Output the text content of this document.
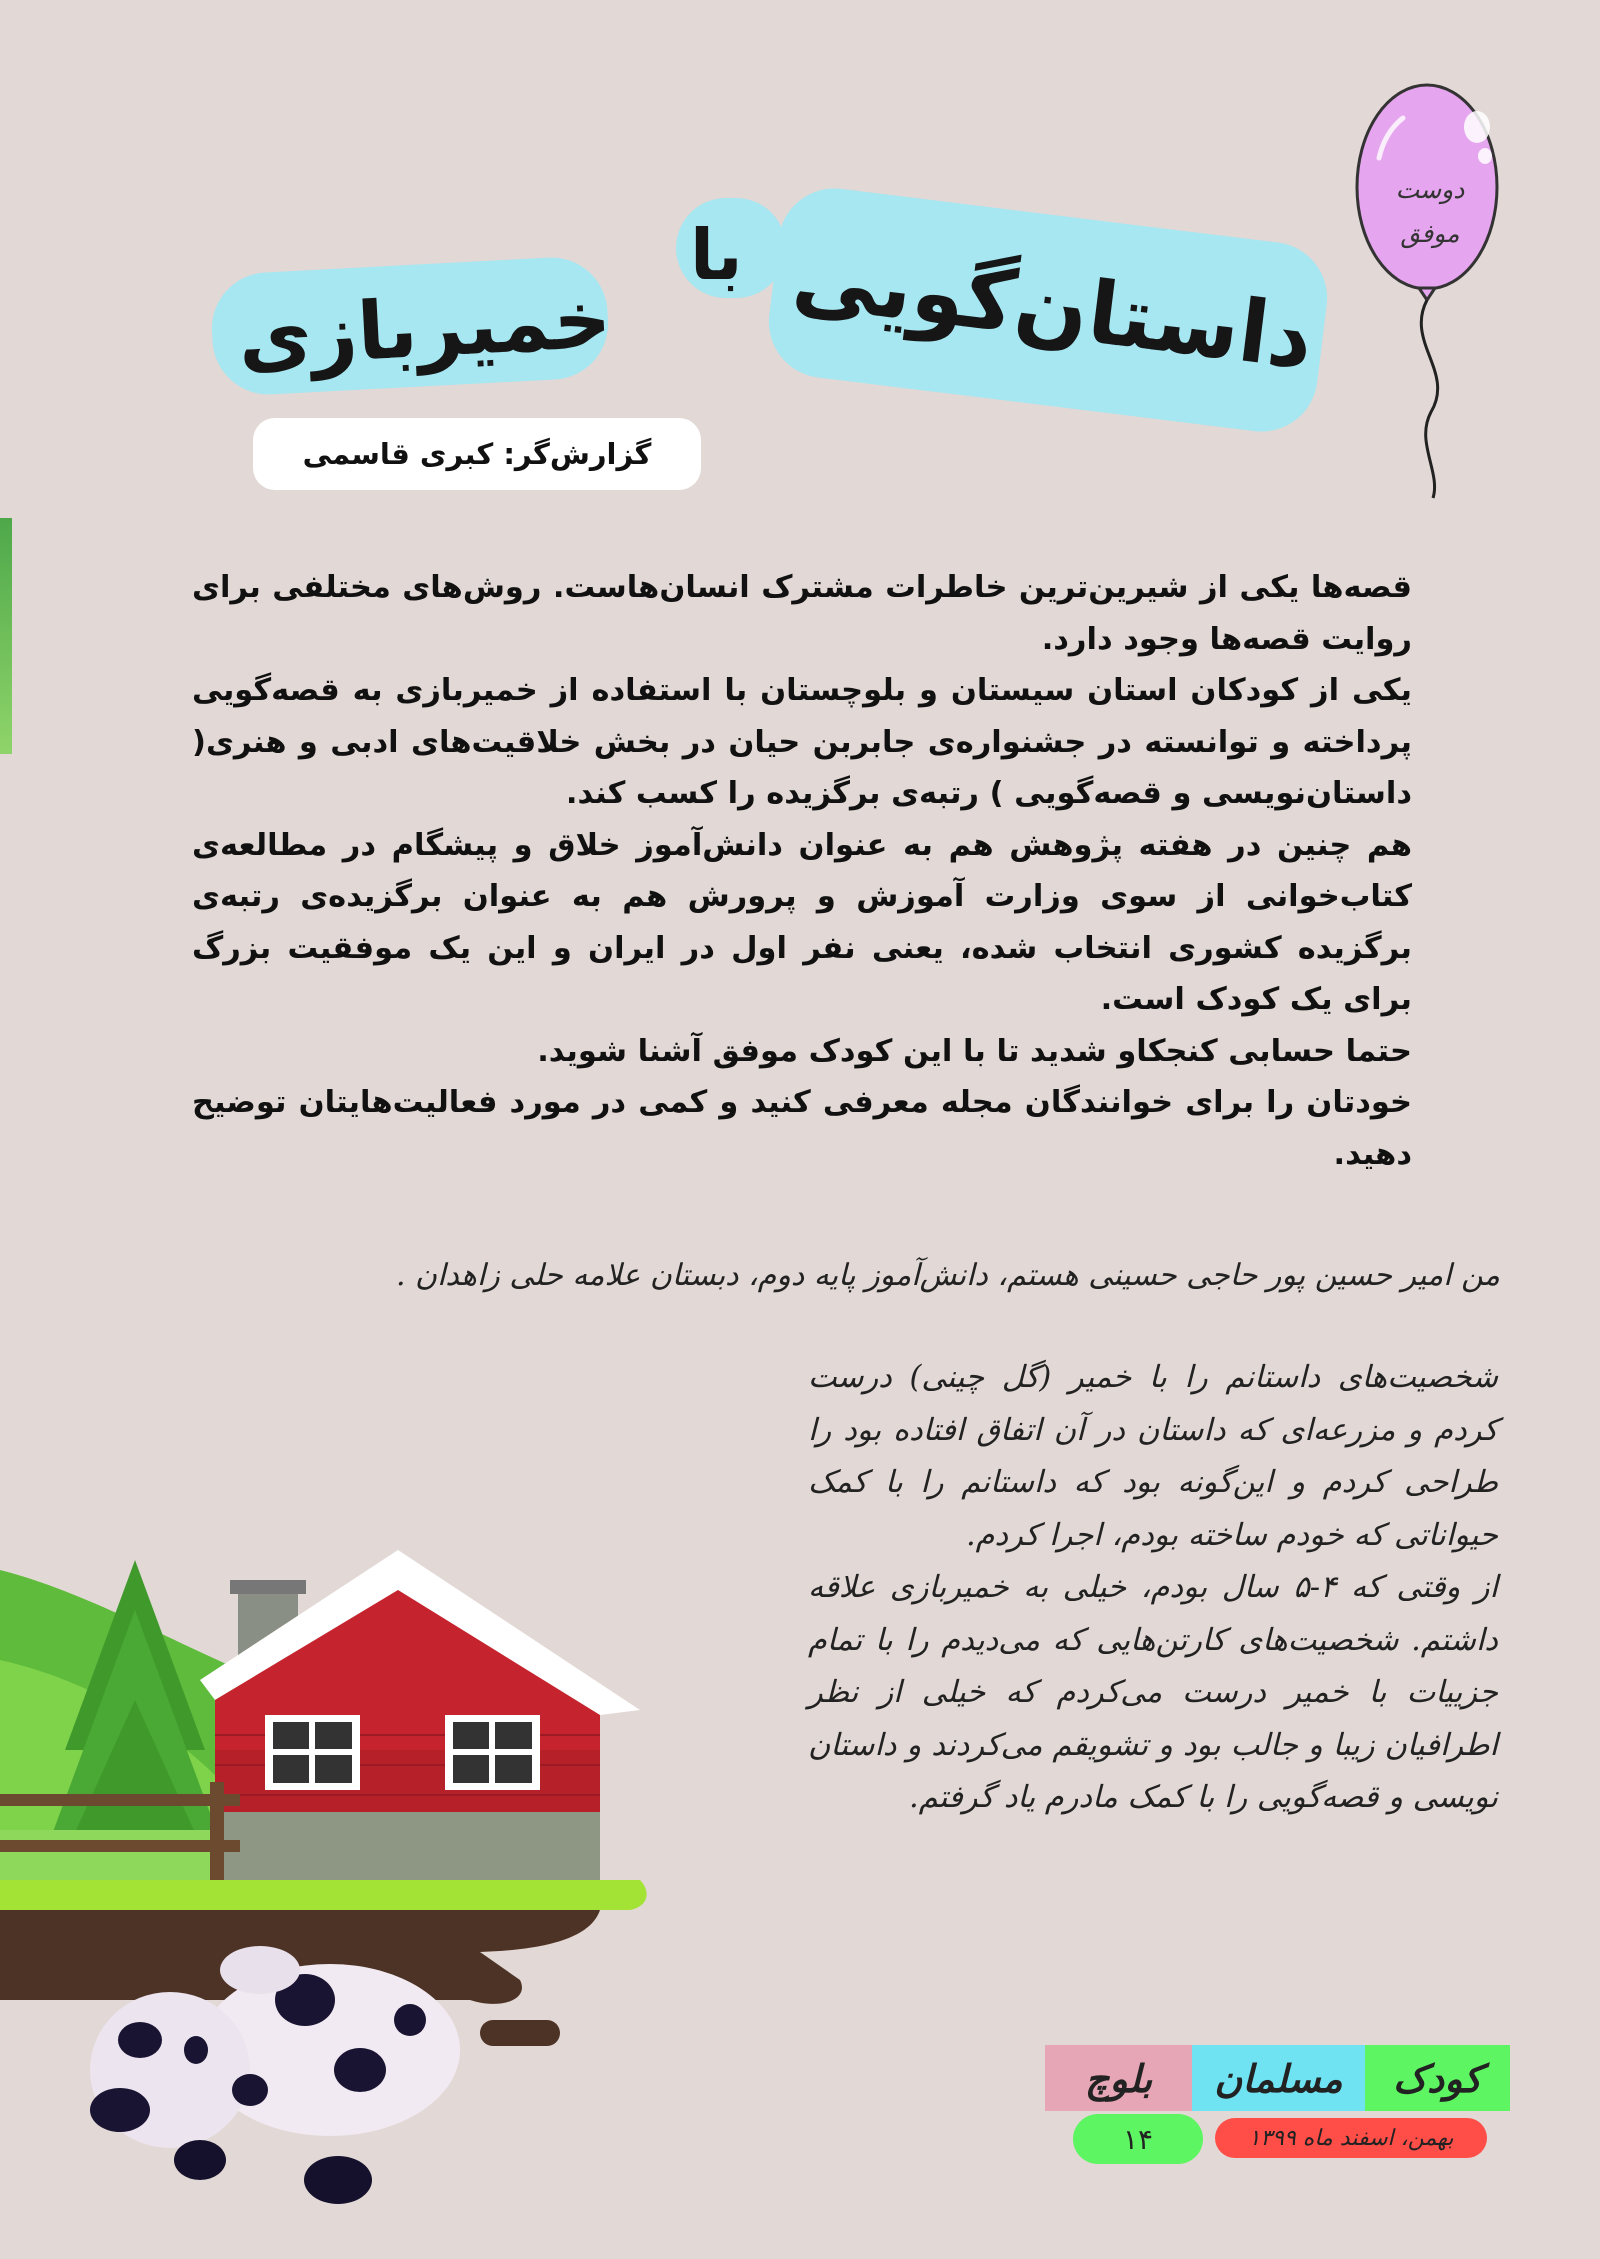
دوست
موفق
داستان‌گویی
با
خمیربازی
گزارش‌گر: کبری قاسمی

قصه‌ها یکی از شیرین‌ترین خاطرات مشترک انسان‌هاست. روش‌های مختلفی برای روایت قصه‌ها وجود دارد.

یکی از کودکان استان سیستان و بلوچستان با استفاده از خمیربازی به قصه‌گویی پرداخته و توانسته در جشنواره‌ی جابربن حیان در بخش خلاقیت‌های ادبی و هنری( داستان‌نویسی و قصه‌گویی ) رتبه‌ی برگزیده را کسب کند.

هم چنین در هفته پژوهش هم به عنوان دانش‌آموز خلاق و پیشگام در مطالعه‌ی کتاب‌خوانی از سوی وزارت آموزش و پرورش هم به عنوان برگزیده‌ی رتبه‌ی برگزیده کشوری انتخاب شده، یعنی نفر اول در ایران و این یک موفقیت بزرگ برای یک کودک است.

حتما حسابی کنجکاو شدید تا با این کودک موفق آشنا شوید.

خودتان را برای خوانندگان مجله معرفی کنید و کمی در مورد فعالیت‌هایتان توضیح دهید.

من امیر حسین پور حاجی حسینی هستم، دانش‌آموز پایه دوم، دبستان علامه حلی زاهدان .

شخصیت‌های داستانم را با خمیر (گل چینی) درست کردم و مزرعه‌ای که داستان در آن اتفاق افتاده بود را طراحی کردم و این‌گونه بود که داستانم را با کمک حیواناتی که خودم ساخته بودم، اجرا کردم.

از وقتی که ۴-۵ سال بودم، خیلی به خمیربازی علاقه داشتم. شخصیت‌های کارتن‌هایی که می‌دیدم را با تمام جزییات با خمیر درست می‌کردم که خیلی از نظر اطرافیان زیبا و جالب بود و تشویقم می‌کردند و داستان نویسی و قصه‌گویی را با کمک مادرم یاد گرفتم.

بلوچ	مسلمان	کودک
بهمن، اسفند ماه ۱۳۹۹
۱۴
